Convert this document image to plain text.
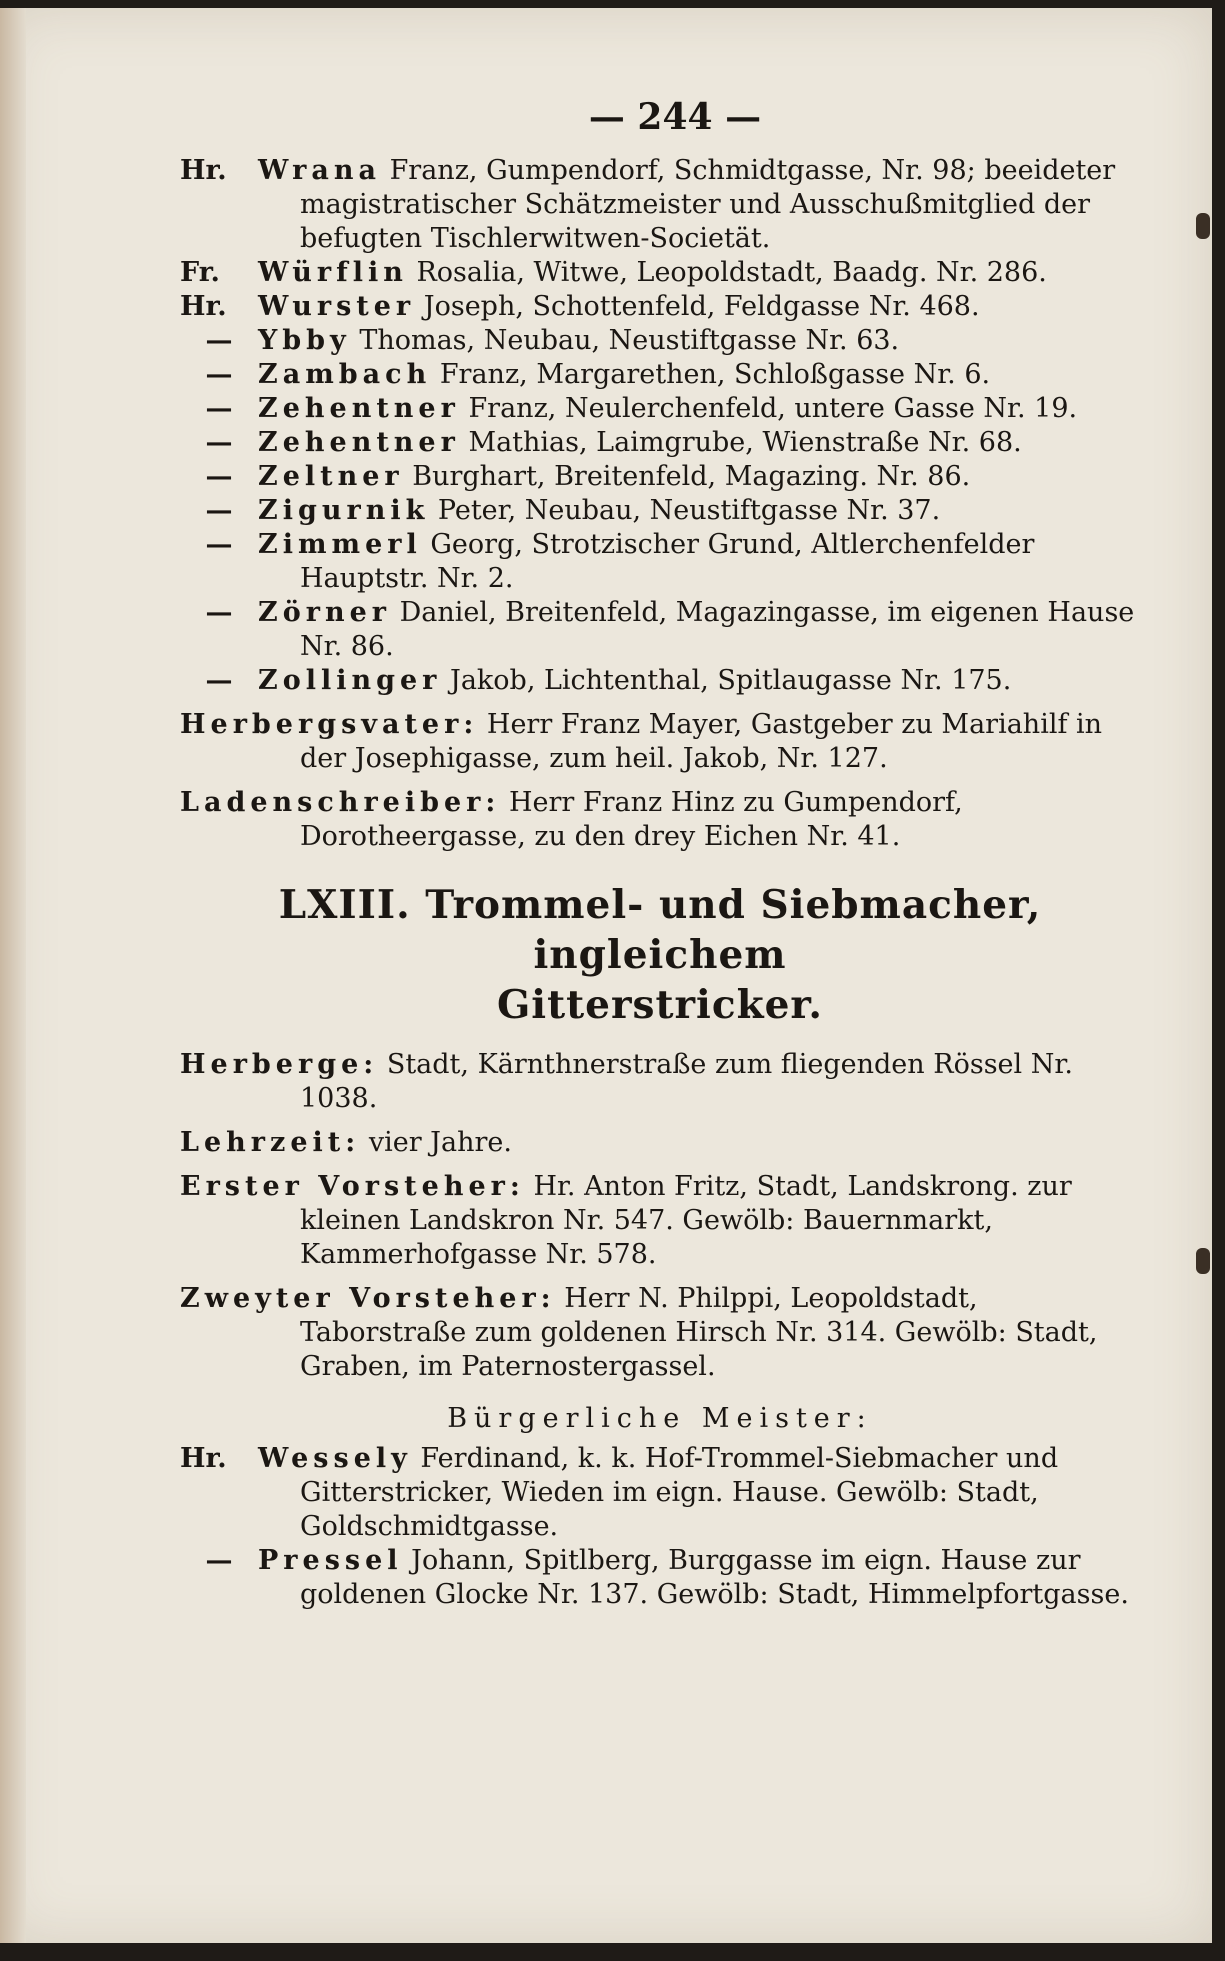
— 244 —

Hr. Wrana Franz, Gumpendorf, Schmidtgasse, Nr. 98; beeideter magistratischer Schätzmeister und Ausschußmitglied der befugten Tischlerwitwen-Societät.

Fr. Würflin Rosalia, Witwe, Leopoldstadt, Baadg. Nr. 286.

Hr. Wurster Joseph, Schottenfeld, Feldgasse Nr. 468.

— Ybby Thomas, Neubau, Neustiftgasse Nr. 63.

— Zambach Franz, Margarethen, Schloßgasse Nr. 6.

— Zehentner Franz, Neulerchenfeld, untere Gasse Nr. 19.

— Zehentner Mathias, Laimgrube, Wienstraße Nr. 68.

— Zeltner Burghart, Breitenfeld, Magazing. Nr. 86.

— Zigurnik Peter, Neubau, Neustiftgasse Nr. 37.

— Zimmerl Georg, Strotzischer Grund, Altlerchenfelder Hauptstr. Nr. 2.

— Zörner Daniel, Breitenfeld, Magazingasse, im eigenen Hause Nr. 86.

— Zollinger Jakob, Lichtenthal, Spitlaugasse Nr. 175.

Herbergsvater: Herr Franz Mayer, Gastgeber zu Mariahilf in der Josephigasse, zum heil. Jakob, Nr. 127.

Ladenschreiber: Herr Franz Hinz zu Gumpendorf, Dorotheergasse, zu den drey Eichen Nr. 41.

LXIII. Trommel- und Siebmacher, ingleichem
Gitterstricker.

Herberge: Stadt, Kärnthnerstraße zum fliegenden Rössel Nr. 1038.

Lehrzeit: vier Jahre.

Erster Vorsteher: Hr. Anton Fritz, Stadt, Landskrong. zur kleinen Landskron Nr. 547. Gewölb: Bauernmarkt, Kammerhofgasse Nr. 578.

Zweyter Vorsteher: Herr N. Philppi, Leopoldstadt, Taborstraße zum goldenen Hirsch Nr. 314. Gewölb: Stadt, Graben, im Paternostergassel.

Bürgerliche Meister:

Hr. Wessely Ferdinand, k. k. Hof-Trommel-Siebmacher und Gitterstricker, Wieden im eign. Hause. Gewölb: Stadt, Goldschmidtgasse.

— Pressel Johann, Spitlberg, Burggasse im eign. Hause zur goldenen Glocke Nr. 137. Gewölb: Stadt, Himmelpfortgasse.
